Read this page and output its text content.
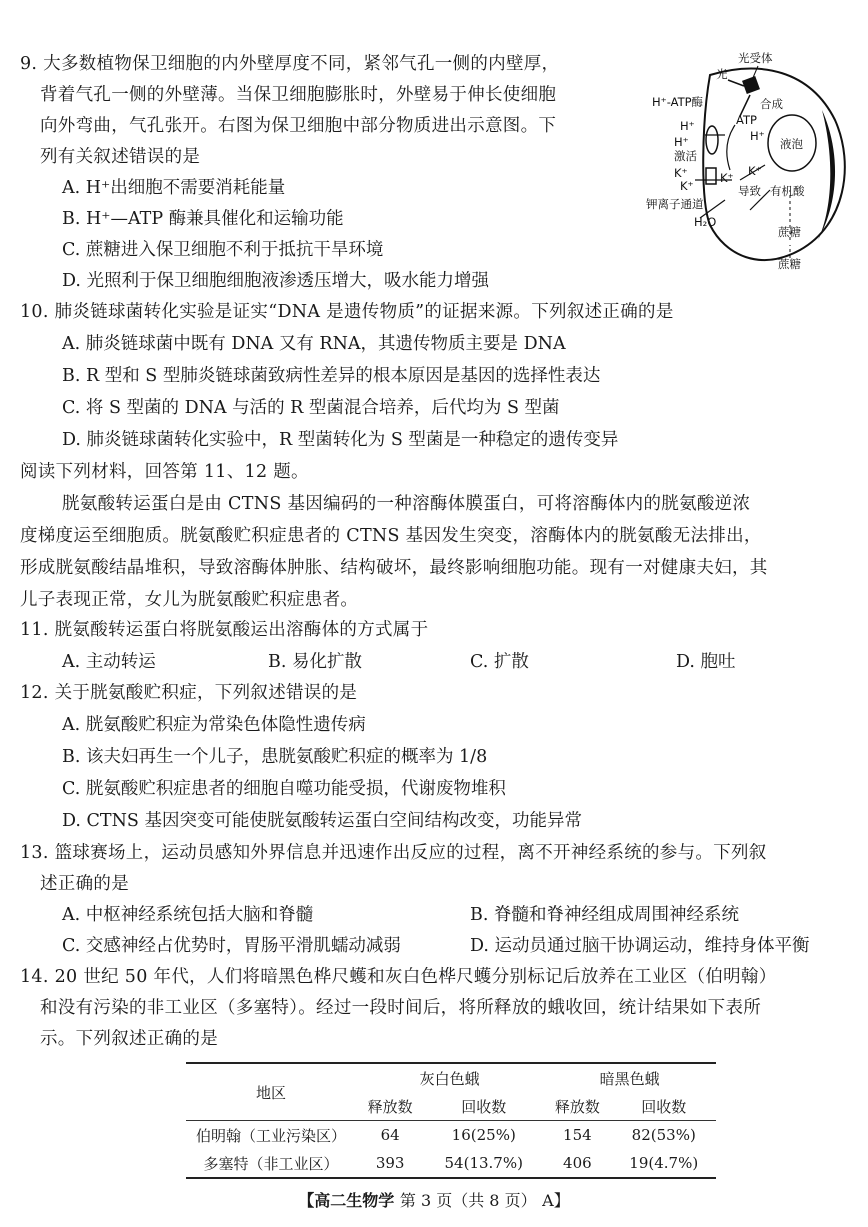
9. 大多数植物保卫细胞的内外壁厚度不同，紧邻气孔一侧的内壁厚，
背着气孔一侧的外壁薄。当保卫细胞膨胀时，外壁易于伸长使细胞
向外弯曲，气孔张开。右图为保卫细胞中部分物质进出示意图。下
列有关叙述错误的是
A. H⁺出细胞不需要消耗能量
B. H⁺—ATP 酶兼具催化和运输功能
C. 蔗糖进入保卫细胞不利于抵抗干旱环境
D. 光照利于保卫细胞细胞液渗透压增大，吸水能力增强
光受体
光
H⁺-ATP酶	合成
ATP
H⁺
H⁺	H⁺
激活
液泡
K⁺
K⁺
K⁺ K⁺
导致 有机酸
钾离子通道
H₂O
蔗糖
蔗糖
10. 肺炎链球菌转化实验是证实“DNA 是遗传物质”的证据来源。下列叙述正确的是
A. 肺炎链球菌中既有 DNA 又有 RNA，其遗传物质主要是 DNA
B. R 型和 S 型肺炎链球菌致病性差异的根本原因是基因的选择性表达
C. 将 S 型菌的 DNA 与活的 R 型菌混合培养，后代均为 S 型菌
D. 肺炎链球菌转化实验中，R 型菌转化为 S 型菌是一种稳定的遗传变异
阅读下列材料，回答第 11、12 题。
胱氨酸转运蛋白是由 CTNS 基因编码的一种溶酶体膜蛋白，可将溶酶体内的胱氨酸逆浓
度梯度运至细胞质。胱氨酸贮积症患者的 CTNS 基因发生突变，溶酶体内的胱氨酸无法排出，
形成胱氨酸结晶堆积，导致溶酶体肿胀、结构破坏，最终影响细胞功能。现有一对健康夫妇，其
儿子表现正常，女儿为胱氨酸贮积症患者。
11. 胱氨酸转运蛋白将胱氨酸运出溶酶体的方式属于
A. 主动转运	B. 易化扩散	C. 扩散	D. 胞吐
12. 关于胱氨酸贮积症，下列叙述错误的是
A. 胱氨酸贮积症为常染色体隐性遗传病
B. 该夫妇再生一个儿子，患胱氨酸贮积症的概率为 1/8
C. 胱氨酸贮积症患者的细胞自噬功能受损，代谢废物堆积
D. CTNS 基因突变可能使胱氨酸转运蛋白空间结构改变，功能异常
13. 篮球赛场上，运动员感知外界信息并迅速作出反应的过程，离不开神经系统的参与。下列叙
述正确的是
A. 中枢神经系统包括大脑和脊髓	B. 脊髓和脊神经组成周围神经系统
C. 交感神经占优势时，胃肠平滑肌蠕动减弱	D. 运动员通过脑干协调运动，维持身体平衡
14. 20 世纪 50 年代，人们将暗黑色桦尺蠖和灰白色桦尺蠖分别标记后放养在工业区（伯明翰）
和没有污染的非工业区（多塞特）。经过一段时间后，将所释放的蛾收回，统计结果如下表所
示。下列叙述正确的是
地区	灰白色蛾		暗黑色蛾	
	释放数	回收数	释放数	回收数
伯明翰（工业污染区）	64	16(25%)	154	82(53%)
多塞特（非工业区）	393	54(13.7%)	406	19(4.7%)
【高二生物学 第 3 页（共 8 页） A】
